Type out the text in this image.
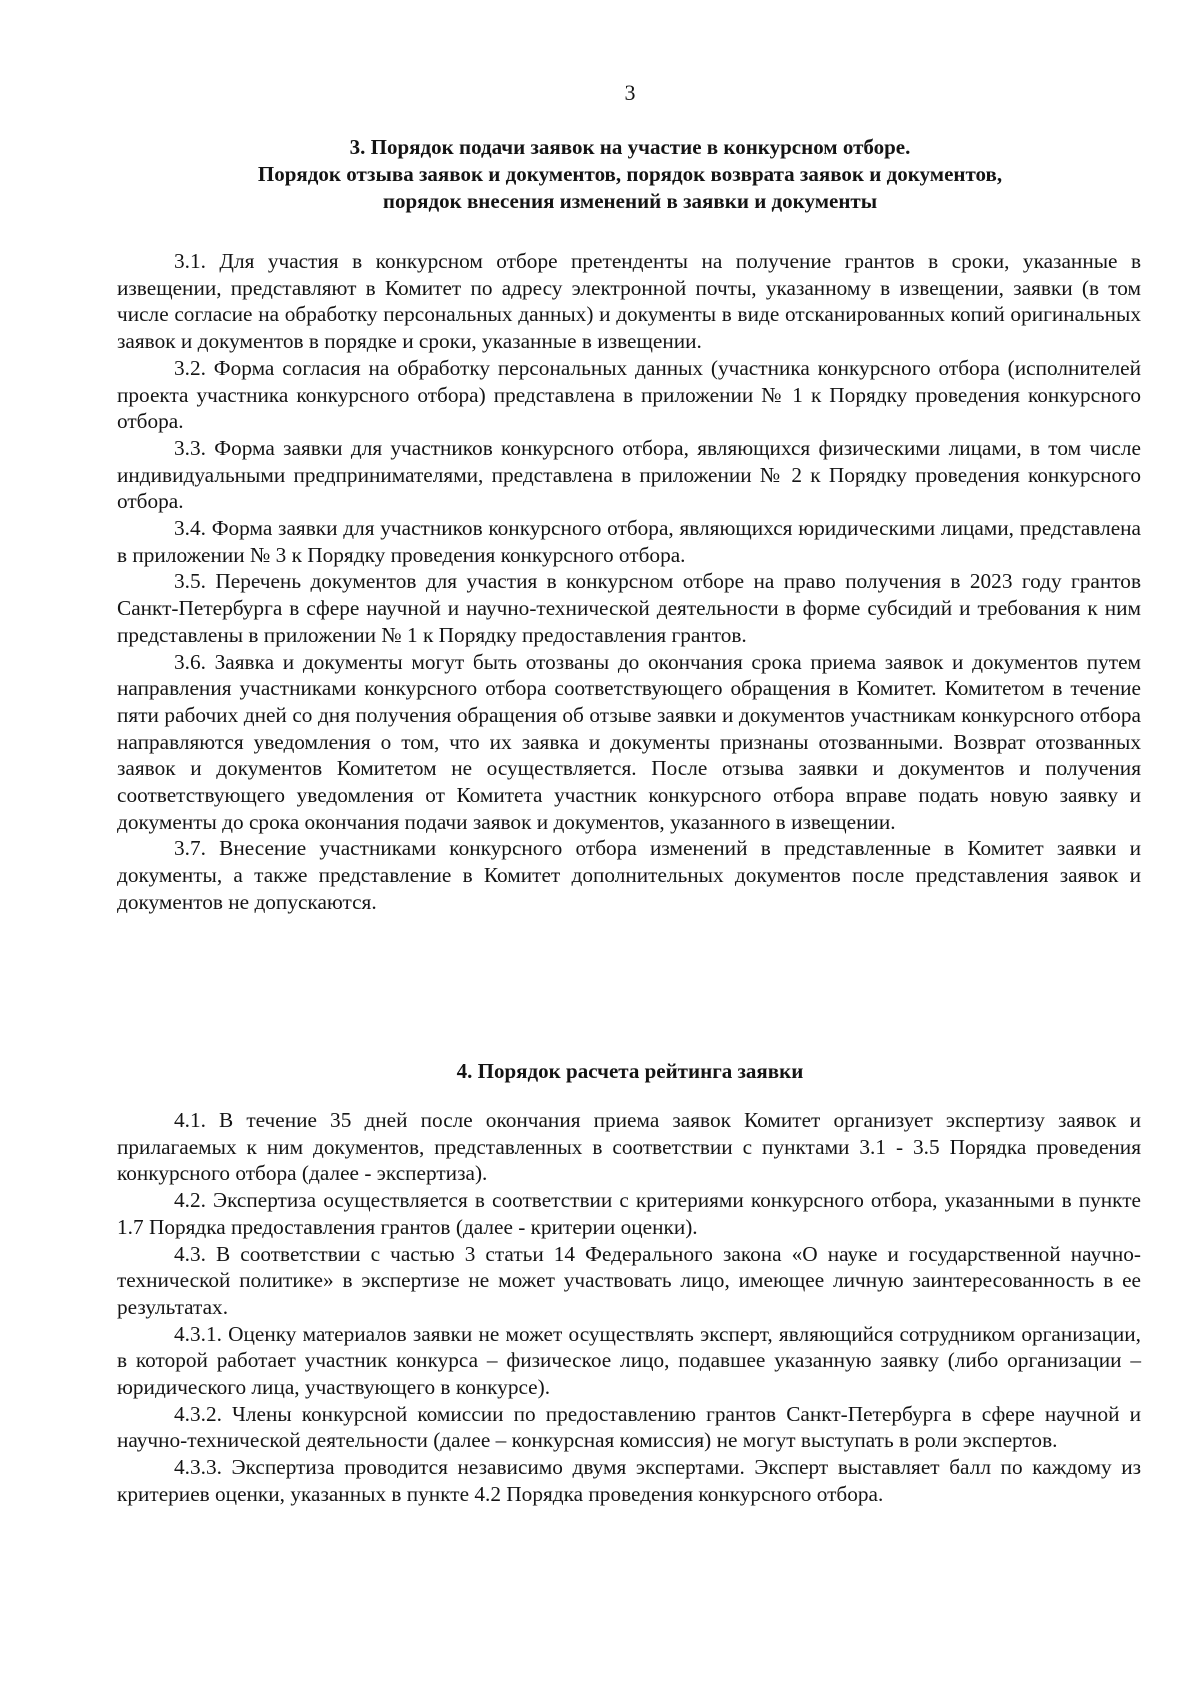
3
3. Порядок подачи заявок на участие в конкурсном отборе.
Порядок отзыва заявок и документов, порядок возврата заявок и документов,
порядок внесения изменений в заявки и документы

3.1. Для участия в конкурсном отборе претенденты на получение грантов в сроки, указанные в извещении, представляют в Комитет по адресу электронной почты, указанному в извещении, заявки (в том числе согласие на обработку персональных данных) и документы в виде отсканированных копий оригинальных заявок и документов в порядке и сроки, указанные в извещении.

3.2. Форма согласия на обработку персональных данных (участника конкурсного отбора (исполнителей проекта участника конкурсного отбора) представлена в приложении № 1 к Порядку проведения конкурсного отбора.

3.3. Форма заявки для участников конкурсного отбора, являющихся физическими лицами, в том числе индивидуальными предпринимателями, представлена в приложении № 2 к Порядку проведения конкурсного отбора.

3.4. Форма заявки для участников конкурсного отбора, являющихся юридическими лицами, представлена в приложении № 3 к Порядку проведения конкурсного отбора.

3.5. Перечень документов для участия в конкурсном отборе на право получения в 2023 году грантов Санкт-Петербурга в сфере научной и научно-технической деятельности в форме субсидий и требования к ним представлены в приложении № 1 к Порядку предоставления грантов.

3.6. Заявка и документы могут быть отозваны до окончания срока приема заявок и документов путем направления участниками конкурсного отбора соответствующего обращения в Комитет. Комитетом в течение пяти рабочих дней со дня получения обращения об отзыве заявки и документов участникам конкурсного отбора направляются уведомления о том, что их заявка и документы признаны отозванными. Возврат отозванных заявок и документов Комитетом не осуществляется. После отзыва заявки и документов и получения соответствующего уведомления от Комитета участник конкурсного отбора вправе подать новую заявку и документы до срока окончания подачи заявок и документов, указанного в извещении.

3.7. Внесение участниками конкурсного отбора изменений в представленные в Комитет заявки и документы, а также представление в Комитет дополнительных документов после представления заявок и документов не допускаются.

4. Порядок расчета рейтинга заявки

4.1. В течение 35 дней после окончания приема заявок Комитет организует экспертизу заявок и прилагаемых к ним документов, представленных в соответствии с пунктами 3.1 - 3.5 Порядка проведения конкурсного отбора (далее - экспертиза).

4.2. Экспертиза осуществляется в соответствии с критериями конкурсного отбора, указанными в пункте 1.7 Порядка предоставления грантов (далее - критерии оценки).

4.3. В соответствии с частью 3 статьи 14 Федерального закона «О науке и государственной научно-технической политике» в экспертизе не может участвовать лицо, имеющее личную заинтересованность в ее результатах.

4.3.1. Оценку материалов заявки не может осуществлять эксперт, являющийся сотрудником организации, в которой работает участник конкурса – физическое лицо, подавшее указанную заявку (либо организации – юридического лица, участвующего в конкурсе).

4.3.2. Члены конкурсной комиссии по предоставлению грантов Санкт-Петербурга в сфере научной и научно-технической деятельности (далее – конкурсная комиссия) не могут выступать в роли экспертов.

4.3.3. Экспертиза проводится независимо двумя экспертами. Эксперт выставляет балл по каждому из критериев оценки, указанных в пункте 4.2 Порядка проведения конкурсного отбора.
